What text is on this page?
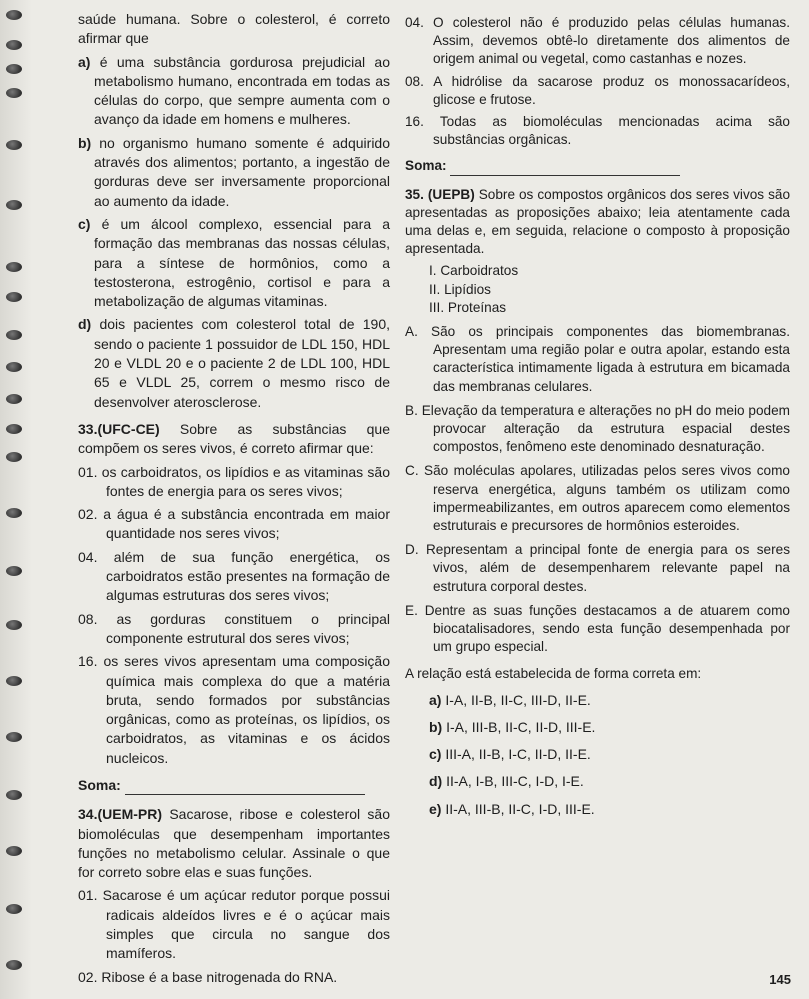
saúde humana. Sobre o colesterol, é correto afirmar que

a) é uma substância gordurosa prejudicial ao metabolismo humano, encontrada em todas as células do corpo, que sempre aumenta com o avanço da idade em homens e mulheres.

b) no organismo humano somente é adquirido através dos alimentos; portanto, a ingestão de gorduras deve ser inversamente proporcional ao aumento da idade.

c) é um álcool complexo, essencial para a formação das membranas das nossas células, para a síntese de hormônios, como a testosterona, estrogênio, cortisol e para a metabolização de algumas vitaminas.

d) dois pacientes com colesterol total de 190, sendo o paciente 1 possuidor de LDL 150, HDL 20 e VLDL 20 e o paciente 2 de LDL 100, HDL 65 e VLDL 25, correm o mesmo risco de desenvolver aterosclerose.

33.(UFC-CE) Sobre as substâncias que compõem os seres vivos, é correto afirmar que:

01. os carboidratos, os lipídios e as vitaminas são fontes de energia para os seres vivos;

02. a água é a substância encontrada em maior quantidade nos seres vivos;

04. além de sua função energética, os carboidratos estão presentes na formação de algumas estruturas dos seres vivos;

08. as gorduras constituem o principal componente estrutural dos seres vivos;

16. os seres vivos apresentam uma composição química mais complexa do que a matéria bruta, sendo formados por substâncias orgânicas, como as proteínas, os lipídios, os carboidratos, as vitaminas e os ácidos nucleicos.

Soma:

34.(UEM-PR) Sacarose, ribose e colesterol são biomoléculas que desempenham importantes funções no metabolismo celular. Assinale o que for correto sobre elas e suas funções.

01. Sacarose é um açúcar redutor porque possui radicais aldeídos livres e é o açúcar mais simples que circula no sangue dos mamíferos.

02. Ribose é a base nitrogenada do RNA.

04. O colesterol não é produzido pelas células humanas. Assim, devemos obtê-lo diretamente dos alimentos de origem animal ou vegetal, como castanhas e nozes.

08. A hidrólise da sacarose produz os monossacarídeos, glicose e frutose.

16. Todas as biomoléculas mencionadas acima são substâncias orgânicas.

Soma:

35. (UEPB) Sobre os compostos orgânicos dos seres vivos são apresentadas as proposições abaixo; leia atentamente cada uma delas e, em seguida, relacione o composto à proposição apresentada.

I. Carboidratos
II. Lipídios
III. Proteínas

A. São os principais componentes das biomembranas. Apresentam uma região polar e outra apolar, estando esta característica intimamente ligada à estrutura em bicamada das membranas celulares.

B. Elevação da temperatura e alterações no pH do meio podem provocar alteração da estrutura espacial destes compostos, fenômeno este denominado desnaturação.

C. São moléculas apolares, utilizadas pelos seres vivos como reserva energética, alguns também os utilizam como impermeabilizantes, em outros aparecem como elementos estruturais e precursores de hormônios esteroides.

D. Representam a principal fonte de energia para os seres vivos, além de desempenharem relevante papel na estrutura corporal destes.

E. Dentre as suas funções destacamos a de atuarem como biocatalisadores, sendo esta função desempenhada por um grupo especial.

A relação está estabelecida de forma correta em:

a) I-A, II-B, II-C, III-D, II-E.
b) I-A, III-B, II-C, II-D, III-E.
c) III-A, II-B, I-C, II-D, II-E.
d) II-A, I-B, III-C, I-D, I-E.
e) II-A, III-B, II-C, I-D, III-E.
145
